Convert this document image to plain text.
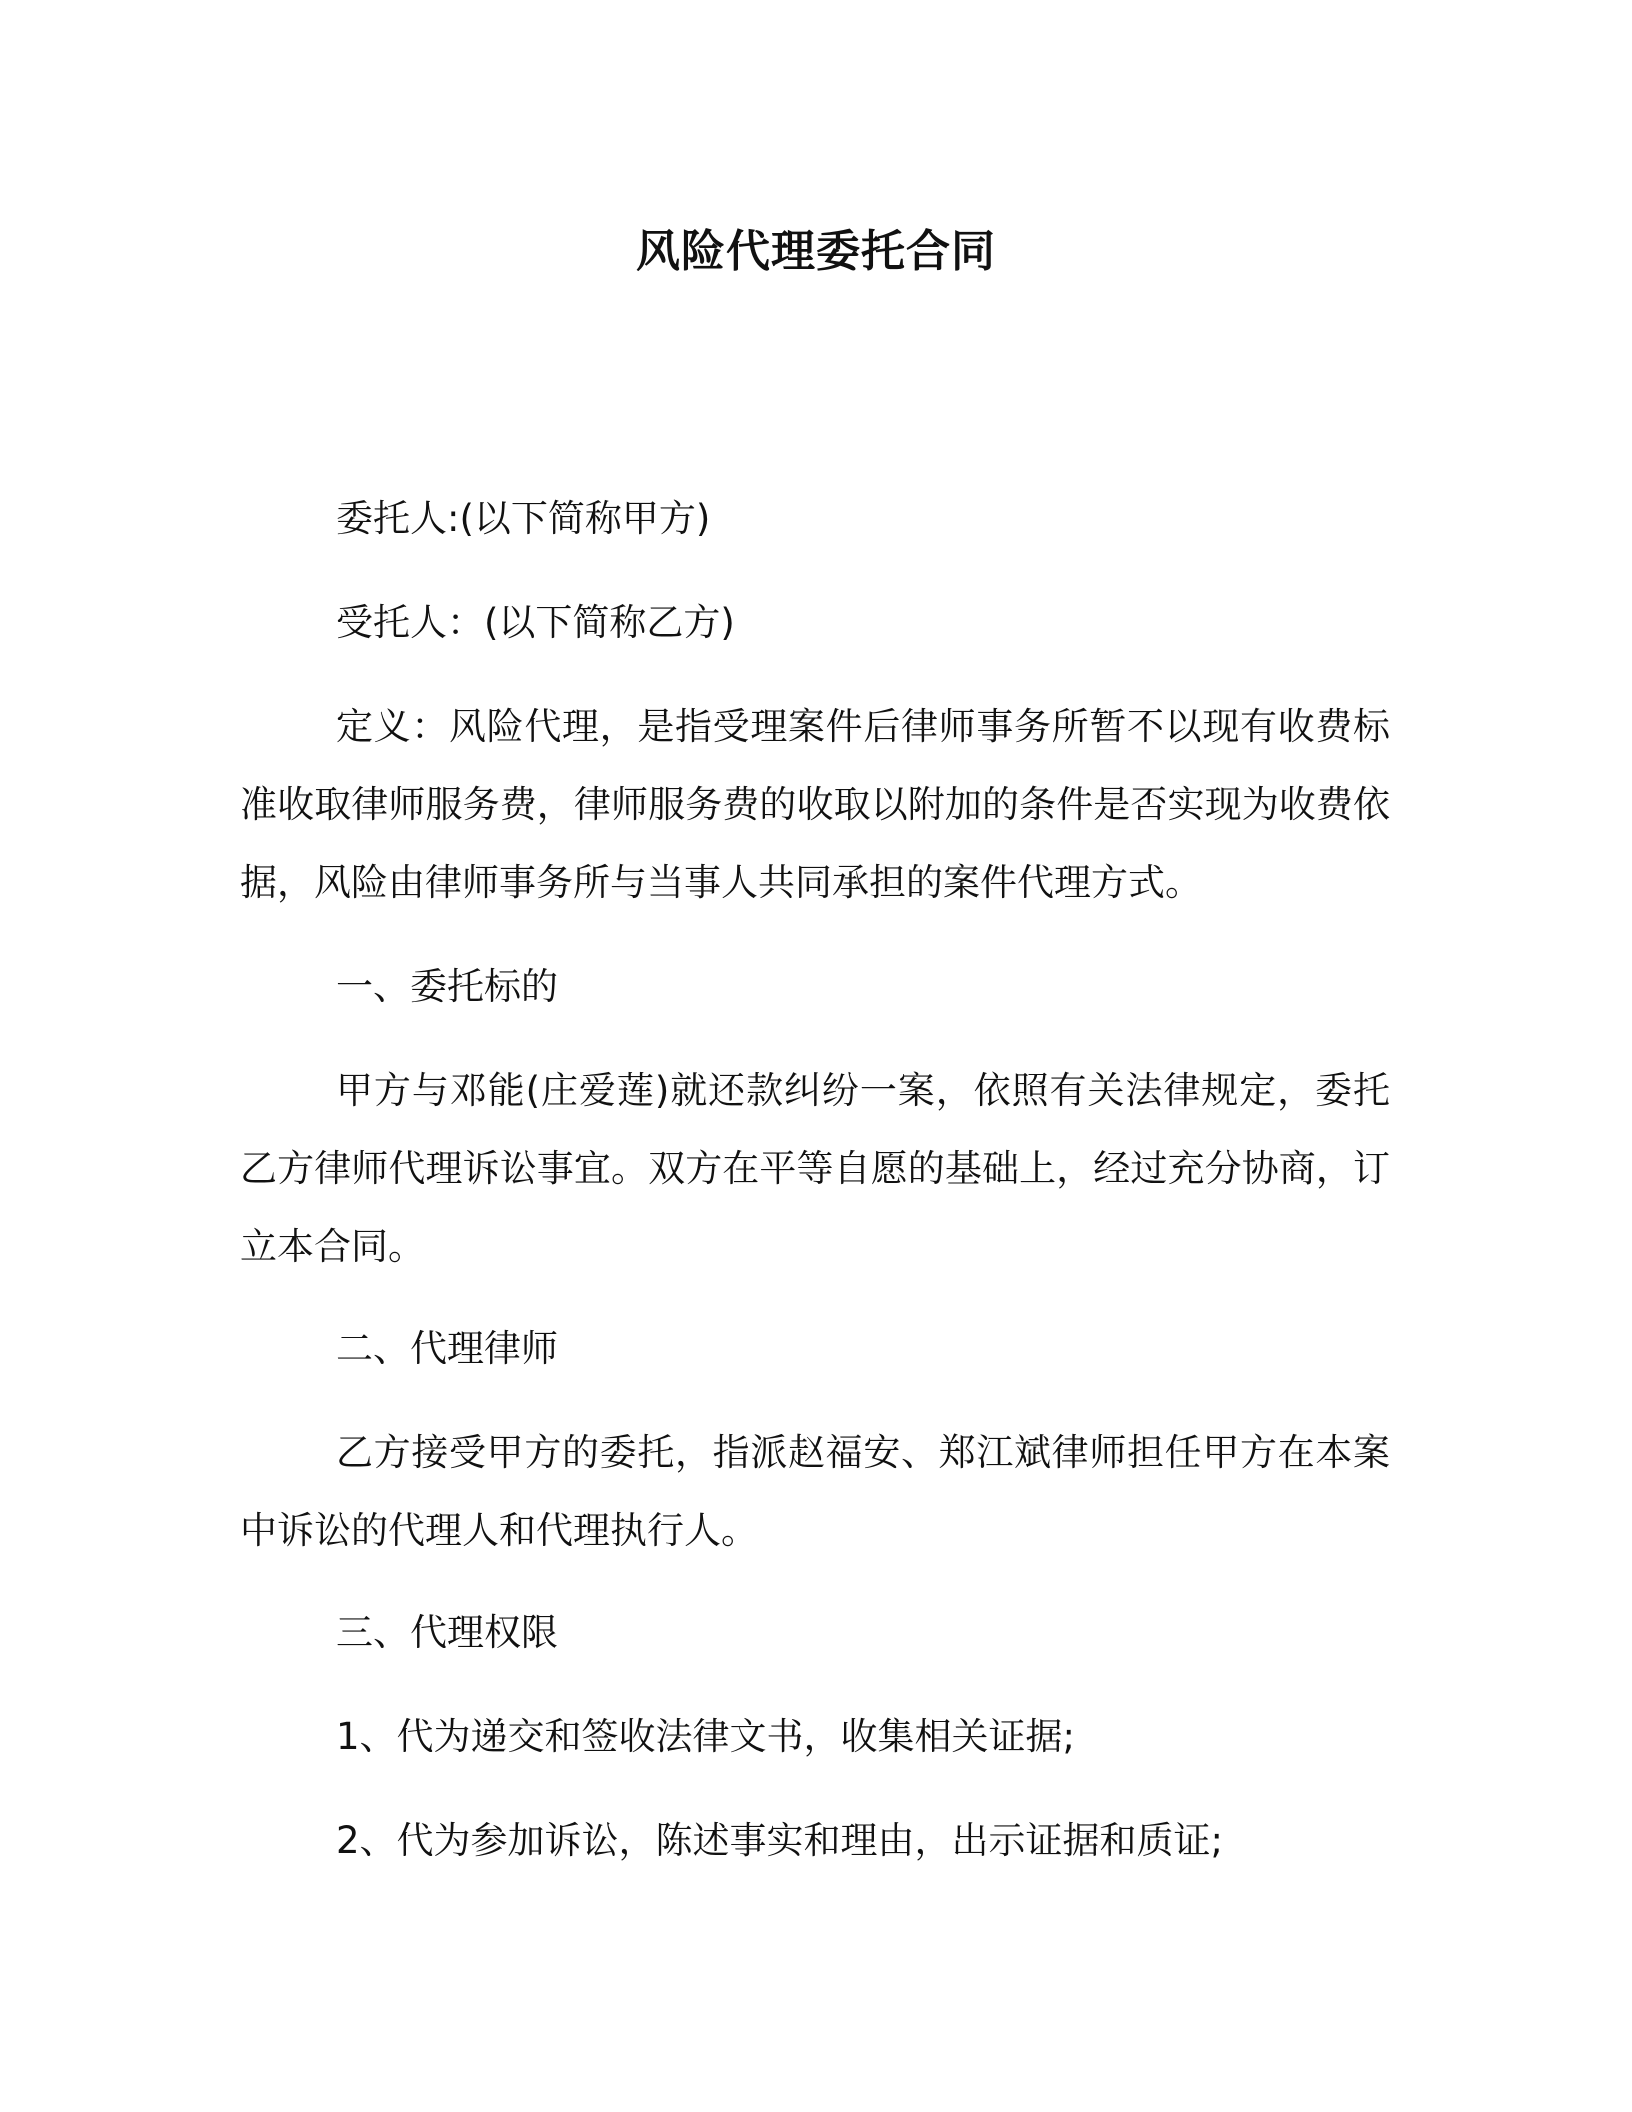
风险代理委托合同

委托人:(以下简称甲方)

受托人：(以下简称乙方)

定义：风险代理，是指受理案件后律师事务所暂不以现有收费标准收取律师服务费，律师服务费的收取以附加的条件是否实现为收费依据，风险由律师事务所与当事人共同承担的案件代理方式。

一、委托标的

甲方与邓能(庄爱莲)就还款纠纷一案，依照有关法律规定，委托乙方律师代理诉讼事宜。双方在平等自愿的基础上，经过充分协商，订立本合同。

二、代理律师

乙方接受甲方的委托，指派赵福安、郑江斌律师担任甲方在本案中诉讼的代理人和代理执行人。

三、代理权限

1、代为递交和签收法律文书，收集相关证据;

2、代为参加诉讼，陈述事实和理由，出示证据和质证;
